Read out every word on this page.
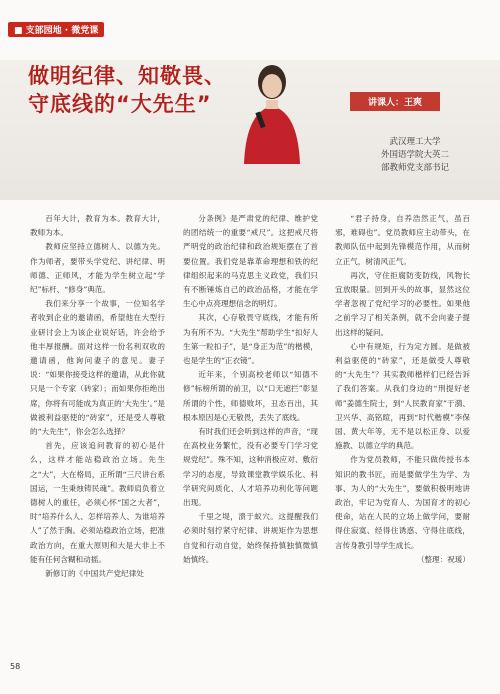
■ 支部园地 · 微党课
做明纪律、知敬畏、
守底线的“大先生”	讲课人：王爽
武汉理工大学
外国语学院大英二
部教师党支部书记

百年大计，教育为本。教育大计，教师为本。

教师应坚持立德树人、以德为先。作为师者，要带头学党纪、讲纪律、明师德、正师风，才能为学生树立起“学纪”标杆、“修身”典范。

我们来分享一个故事，一位知名学者收到企业的邀请函，希望他在大型行业研讨会上为该企业说好话，许会给予他丰厚报酬。面对这样一份名利双收的邀请函，他询问妻子的意见。妻子说：“如果你接受这样的邀请，从此你就只是一个专家（砖家）；而如果你拒绝出席，你将有可能成为真正的‘大先生’。”是做被利益驱使的“砖家”，还是受人尊敬的“大先生”，你会怎么选择？

首先，应该追问教育的初心是什么，这样才能站稳政治立场。先生之“大”，大在格局，正所谓“三尺讲台系国运，一生秉烛铸民魂”。教师肩负着立德树人的重任，必须心怀“国之大者”，时“培养什么人、怎样培养人、为谁培养人”了然于胸。必须站稳政治立场，把准政治方向，在重大原则和大是大非上不能有任何含糊和动摇。

新修订的《中国共产党纪律处

分条例》是严肃党的纪律、维护党的团结统一的重要“戒尺”。这把戒尺将严明党的政治纪律和政治规矩摆在了首要位置。我们党是靠革命理想和铁的纪律组织起来的马克思主义政党，我们只有不断锤炼自己的政治品格，才能在学生心中点亮理想信念的明灯。

其次，心存敬畏守底线，才能有所为有所不为。“大先生”帮助学生“扣好人生第一粒扣子”，是“身正为范”的楷模，也是学生的“正衣镜”。

近年来，个别高校老师以“知德不修”标榜所谓的前卫，以“口无遮拦”彰显所谓的个性，师德败坏，丑态百出，其根本原因是心无敬畏，丢失了底线。

有时我们还会听到这样的声音，“现在高校业务繁忙，没有必要专门学习党规党纪”。殊不知，这种消极应对、敷衍学习的态度，导致课堂教学娱乐化、科学研究间质化、人才培养功利化等问题出现。

千里之堤，溃于蚁穴。这提醒我们必须时刻拧紧守纪律、讲规矩作为思想自觉和行动自觉，始终保持慎独慎微慎始慎终。

“君子持身，自养浩然正气，虽百邪，难碍也”。党员教师应主动带头，在教师队伍中起到先锋模范作用，从而树立正气，树清风正气。

再次，守住拒腐防变防线，风物长宜放眼量。回到开头的故事，显然这位学者忽视了党纪学习的必要性。如果他之前学习了相关条例，就不会向妻子提出这样的疑问。

心中有规矩，行为定方圆。是做被利益驱使的“砖家”，还是做受人尊敬的“大先生”？其实教师楷样们已经告诉了我们答案。从我们身边的“刑提好老师”姜德生院士，到“人民教育家”于漪、卫兴华、高铭暄，再到“时代楷模”李保国、黄大年等，无不是以松正身、以爱施教、以德立学的典范。

作为党员教师，不能只做传授书本知识的教书匠，而是要做学生为学、为事、为人的“大先生”，要做积极明地讲政治，牢记为党育人、为国育才的初心使命，站在人民的立场上做学问，要耐得住寂寞、经得住诱惑、守得住底线，言传身教引导学生成长。

（整理：祝瑗）

58
